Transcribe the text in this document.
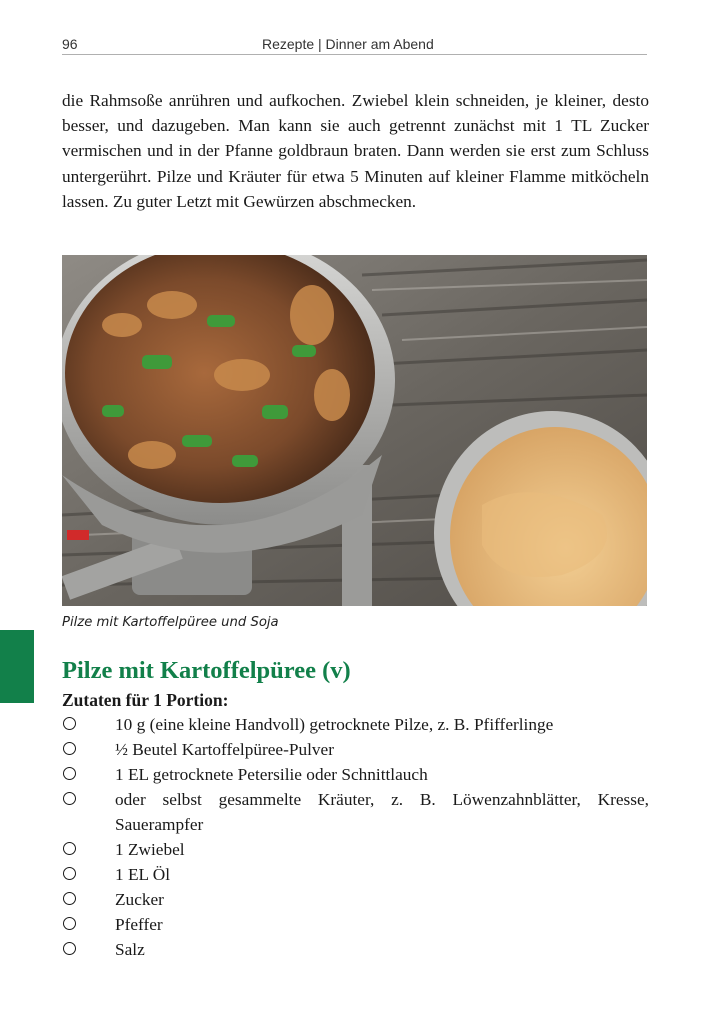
96	Rezepte | Dinner am Abend

die Rahmsoße anrühren und aufkochen. Zwiebel klein schneiden, je kleiner, desto besser, und dazugeben. Man kann sie auch getrennt zunächst mit 1 TL Zucker vermischen und in der Pfanne goldbraun braten. Dann werden sie erst zum Schluss untergerührt. Pilze und Kräuter für etwa 5 Minuten auf kleiner Flamme mitköcheln lassen. Zu guter Letzt mit Gewürzen abschmecken.

Pilze mit Kartoffelpüree und Soja
Pilze mit Kartoffelpüree (v)
Zutaten für 1 Portion:
10 g (eine kleine Handvoll) getrocknete Pilze, z. B. Pfifferlinge
½ Beutel Kartoffelpüree-Pulver
1 EL getrocknete Petersilie oder Schnittlauch
oder selbst gesammelte Kräuter, z. B. Löwenzahnblätter, Kresse, Sauerampfer
1 Zwiebel
1 EL Öl
Zucker
Pfeffer
Salz
